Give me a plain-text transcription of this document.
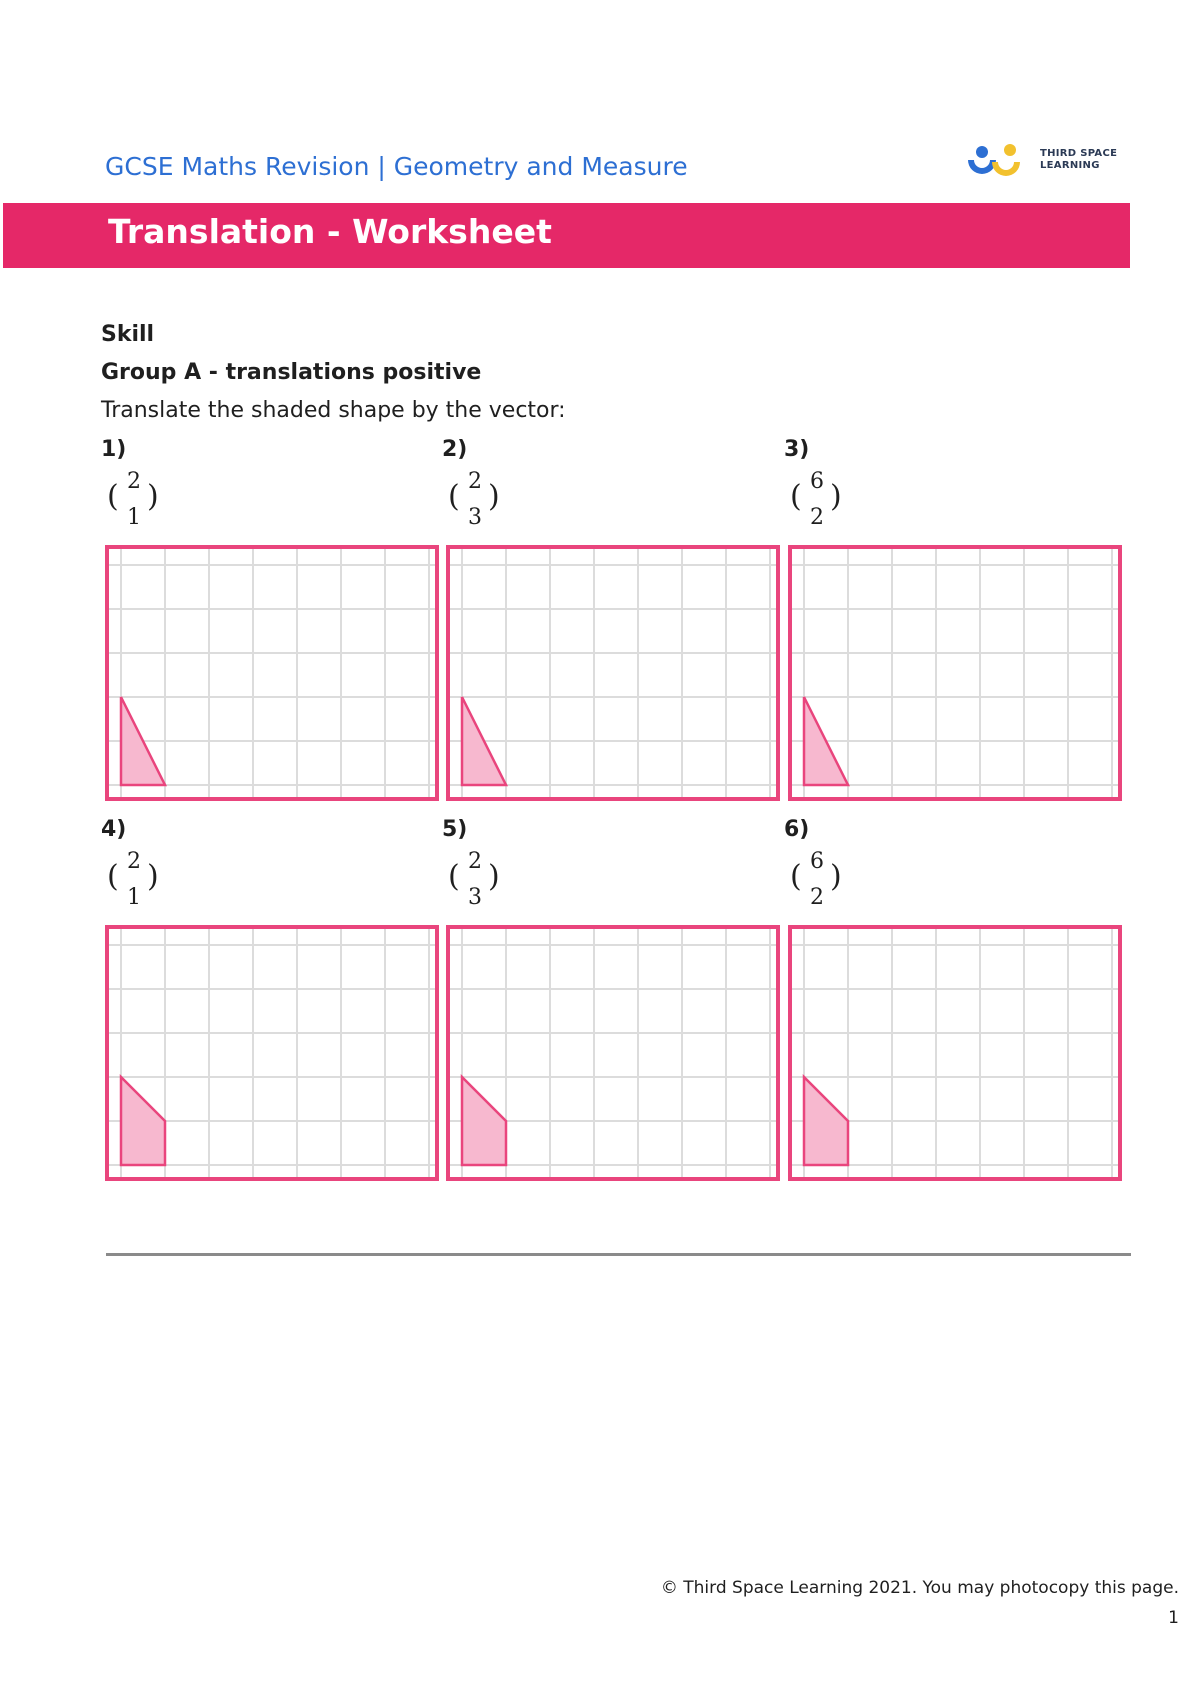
GCSE Maths Revision | Geometry and Measure	THIRD SPACE
LEARNING
Translation - Worksheet
Skill
Group A - translations positive
Translate the shaded shape by the vector:
1)
( 2
1
)
2)
( 2
3
)
3)
( 6
2
)
4)
( 2
1
)
5)
( 2
3
)
6)
( 6
2
)
© Third Space Learning 2021. You may photocopy this page.
1
